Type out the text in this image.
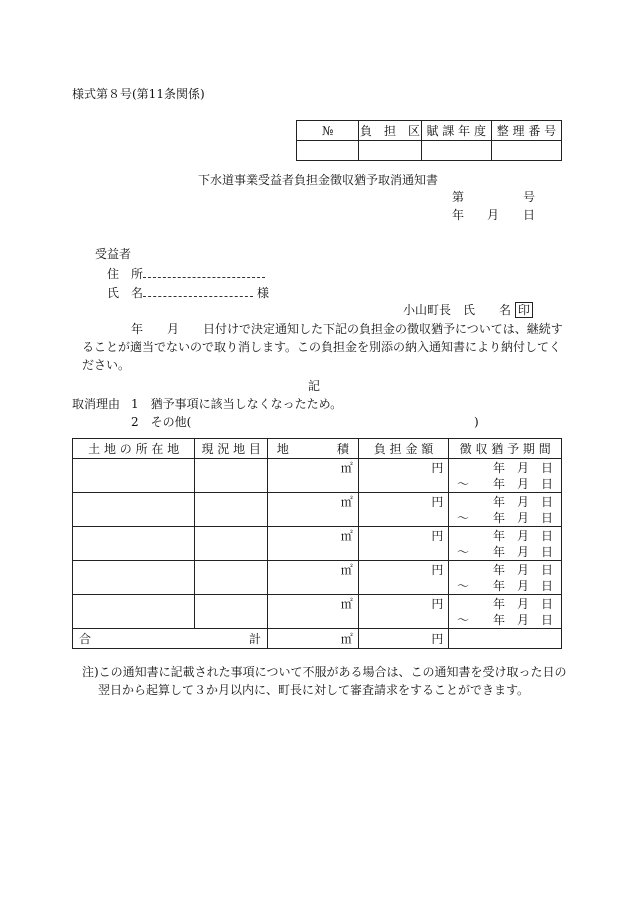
様式第８号(第11条関係)
№	負　担　区	賦 課 年 度	整 理 番 号

下水道事業受益者負担金徴収猶予取消通知書
第	号
年 月 日
受益者
住　所
氏　名	様
小山町長　氏　　名 印
年　　月　　日付けで決定通知した下記の負担金の徴収猶予については、継続す
ることが適当でないので取り消します。この負担金を別添の納入通知書により納付してく
ださい。
記
取消理由 1　猶予事項に該当しなくなったため。
2　その他(	)
土 地 の 所 在 地	現 況 地 目	地　　　　積	負 担 金 額	徴 収 猶 予 期 間
		㎡	円	年　月　日
〜　　年　月　日

		㎡	円	年　月　日
〜　　年　月　日

		㎡	円	年　月　日
〜　　年　月　日

		㎡	円	年　月　日
〜　　年　月　日

		㎡	円	年　月　日
〜　　年　月　日

合 計		㎡	円	
注)この通知書に記載された事項について不服がある場合は、この通知書を受け取った日の
翌日から起算して３か月以内に、町長に対して審査請求をすることができます。
